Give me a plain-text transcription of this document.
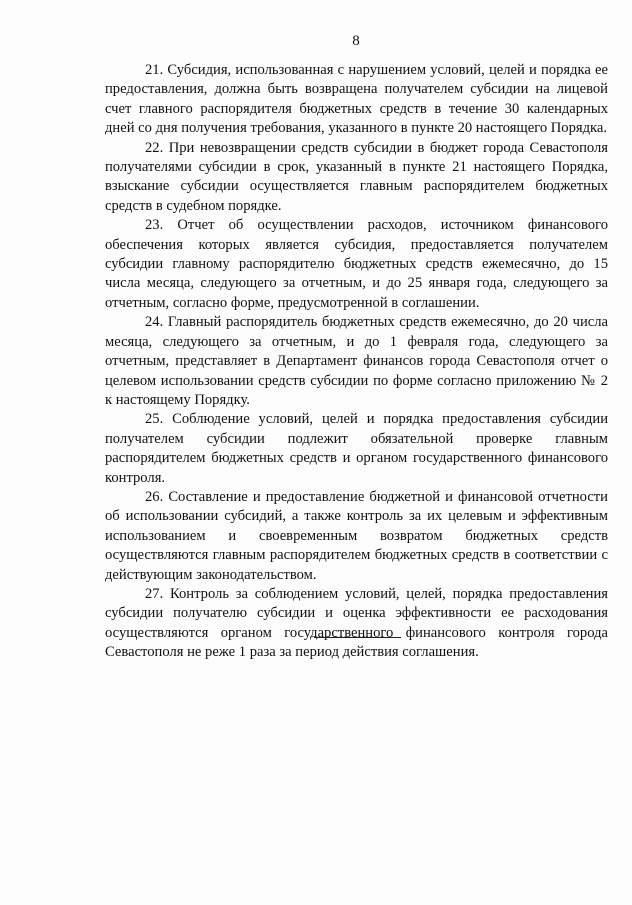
8

21. Субсидия, использованная с нарушением условий, целей и порядка ее предоставления, должна быть возвращена получателем субсидии на лицевой счет главного распорядителя бюджетных средств в течение 30 календарных дней со дня получения требования, указанного в пункте 20 настоящего Порядка.

22. При невозвращении средств субсидии в бюджет города Севастополя получателями субсидии в срок, указанный в пункте 21 настоящего Порядка, взыскание субсидии осуществляется главным распорядителем бюджетных средств в судебном порядке.

23. Отчет об осуществлении расходов, источником финансового обеспечения которых является субсидия, предоставляется получателем субсидии главному распорядителю бюджетных средств ежемесячно, до 15 числа месяца, следующего за отчетным, и до 25 января года, следующего за отчетным, согласно форме, предусмотренной в соглашении.

24. Главный распорядитель бюджетных средств ежемесячно, до 20 числа месяца, следующего за отчетным, и до 1 февраля года, следующего за отчетным, представляет в Департамент финансов города Севастополя отчет о целевом использовании средств субсидии по форме согласно приложению № 2 к настоящему Порядку.

25. Соблюдение условий, целей и порядка предоставления субсидии получателем субсидии подлежит обязательной проверке главным распорядителем бюджетных средств и органом государственного финансового контроля.

26. Составление и предоставление бюджетной и финансовой отчетности об использовании субсидий, а также контроль за их целевым и эффективным использованием и своевременным возвратом бюджетных средств осуществляются главным распорядителем бюджетных средств в соответствии с действующим законодательством.

27. Контроль за соблюдением условий, целей, порядка предоставления субсидии получателю субсидии и оценка эффективности ее расходования осуществляются органом государственного финансового контроля города Севастополя не реже 1 раза за период действия соглашения.
